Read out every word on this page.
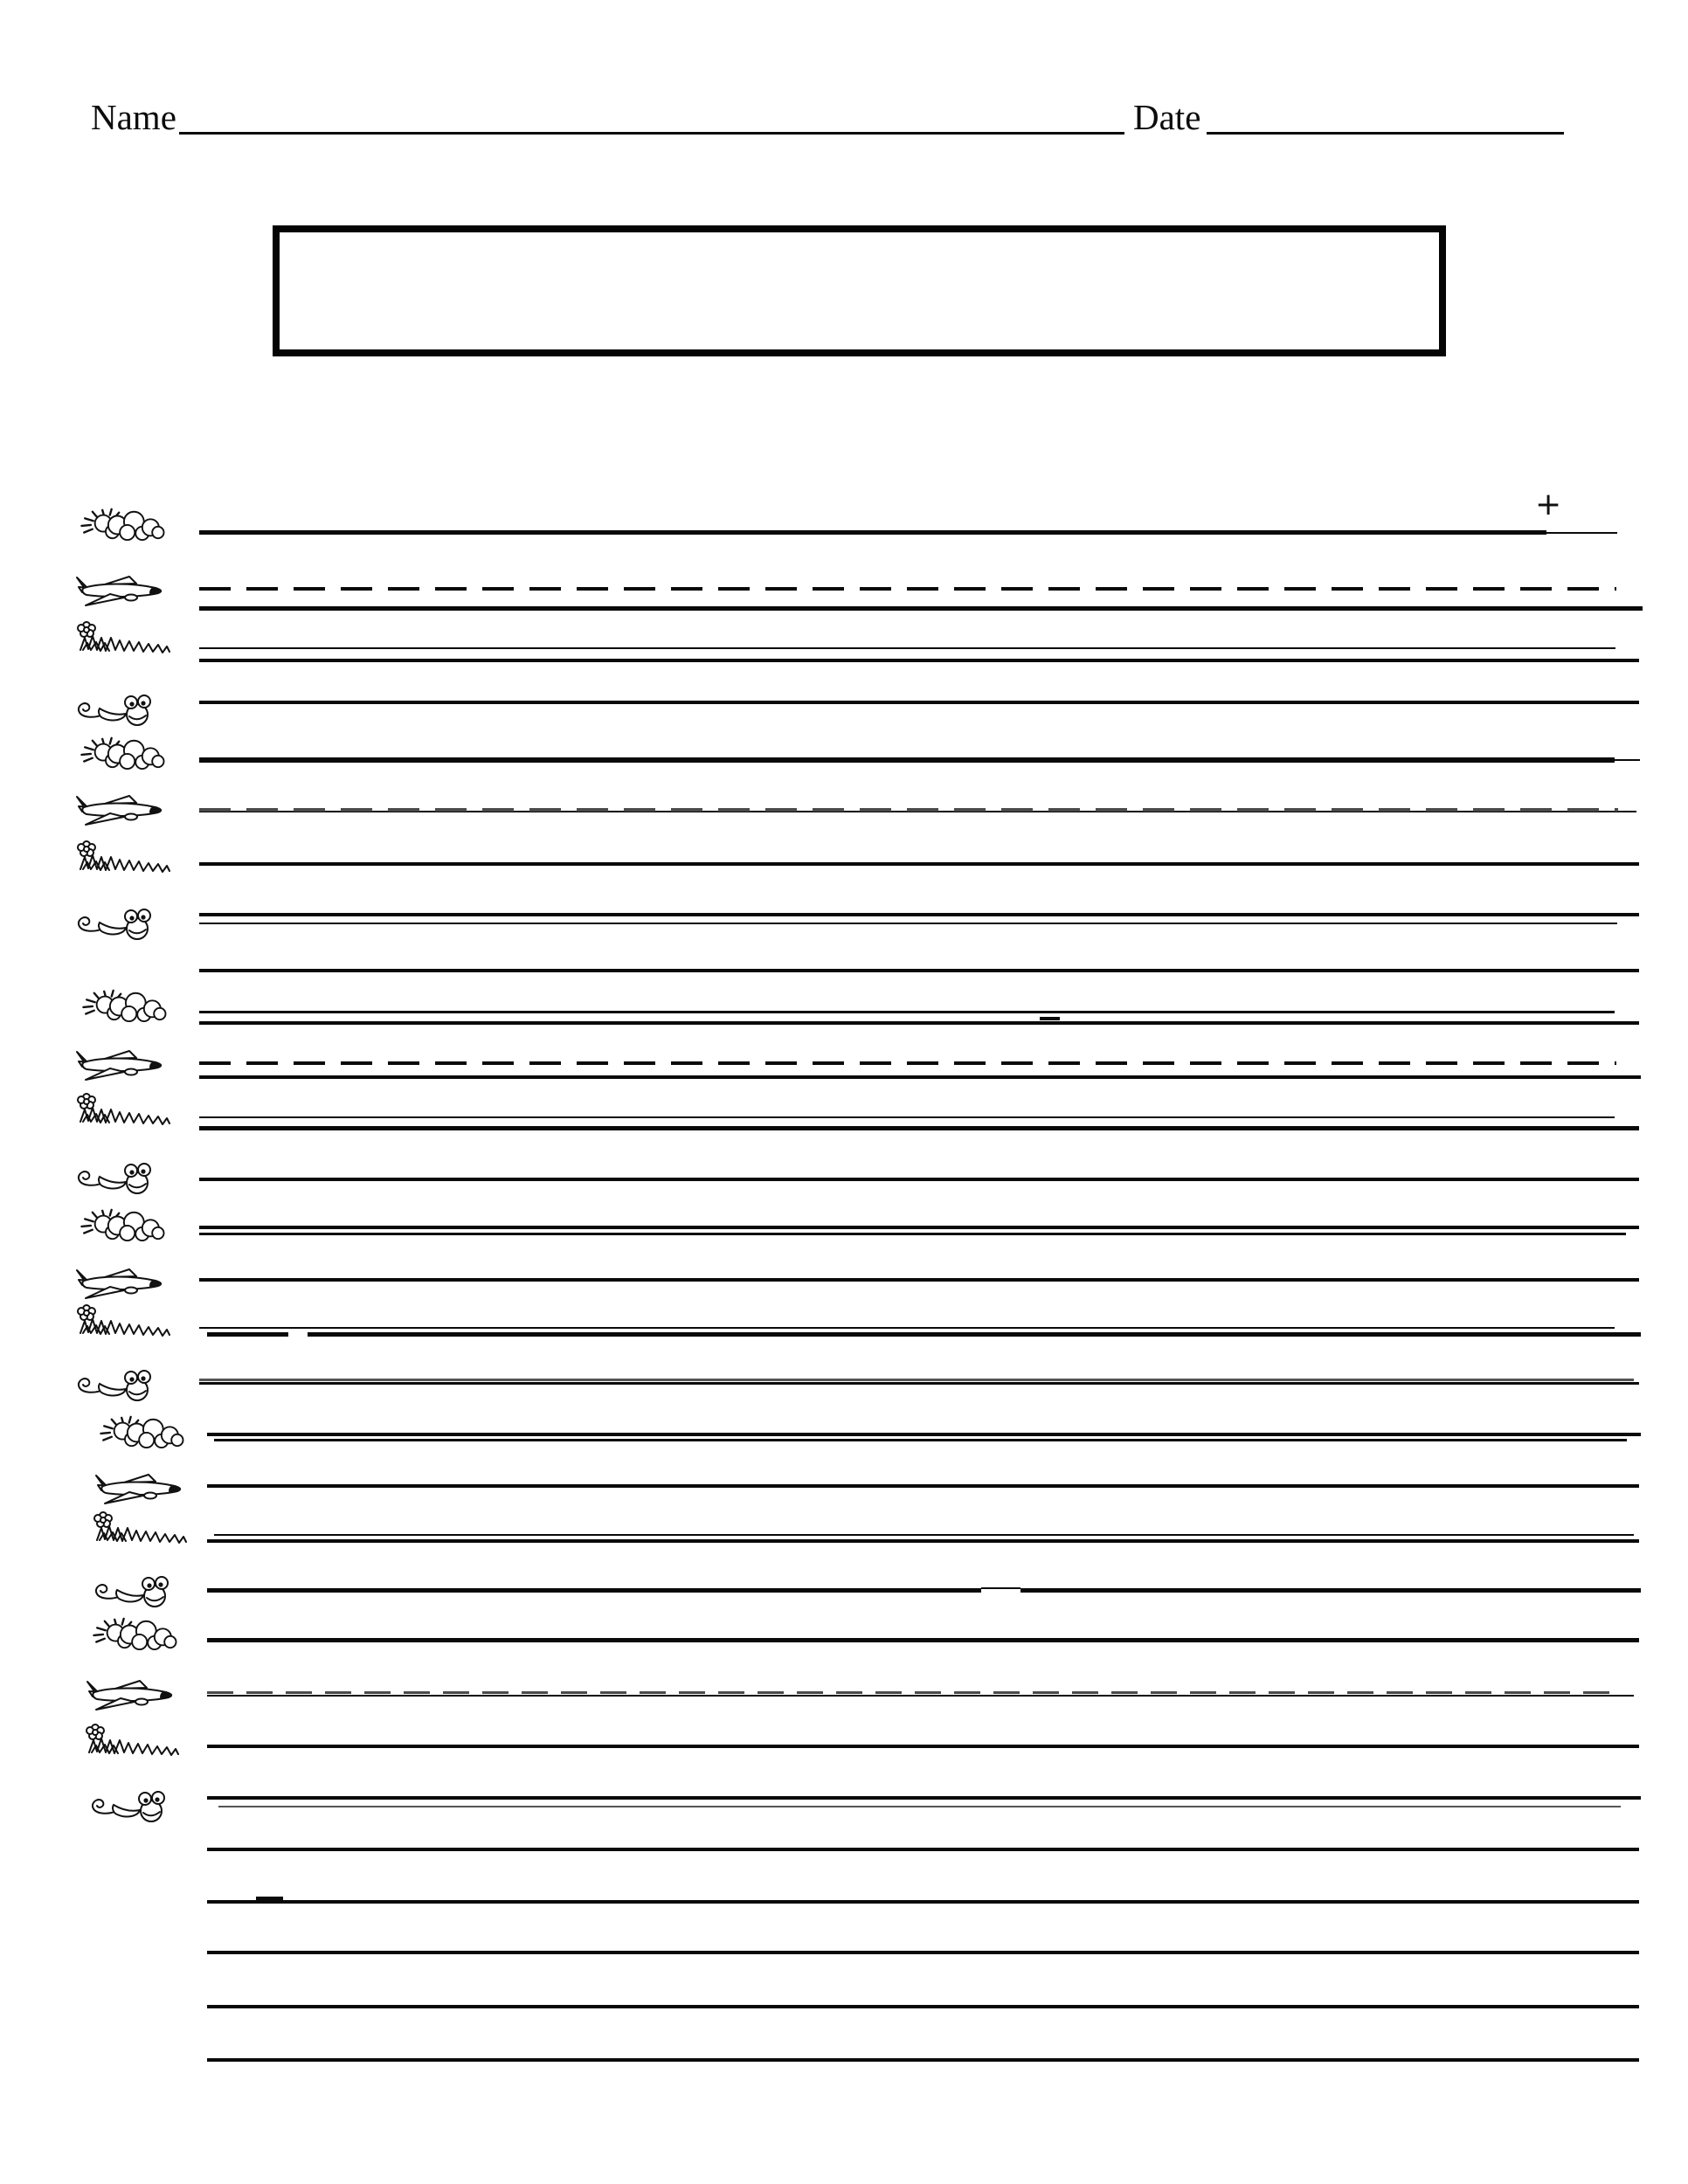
Name	Date
+
